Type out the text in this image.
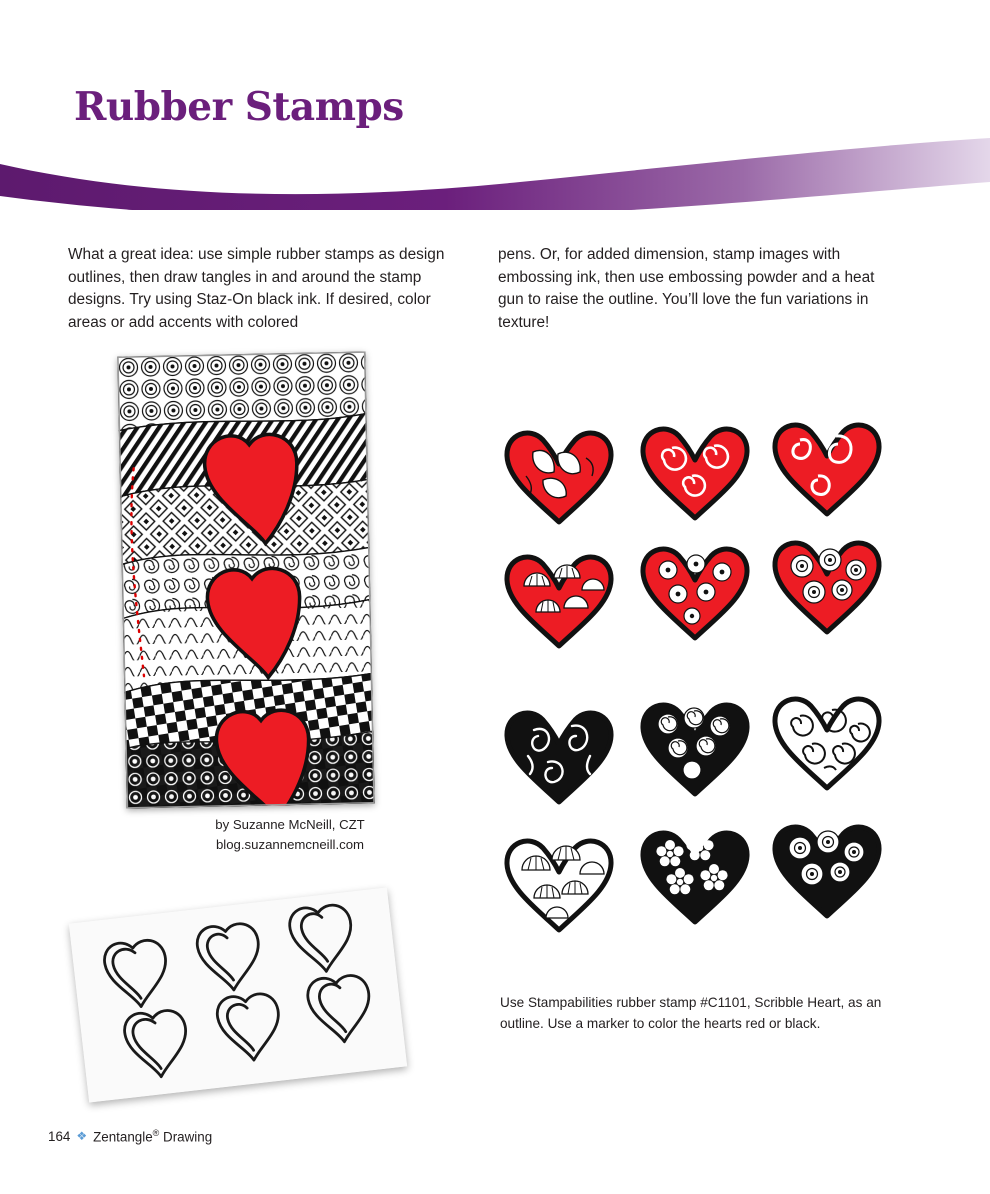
Rubber Stamps
What a great idea: use simple rubber stamps as design outlines, then draw tangles in and around the stamp designs. Try using Staz-On black ink. If desired, color areas or add accents with colored
pens. Or, for added dimension, stamp images with embossing ink, then use embossing powder and a heat gun to raise the outline. You’ll love the fun variations in texture!
by Suzanne McNeill, CZT
blog.suzannemcneill.com
Use Stampabilities rubber stamp #C1101, Scribble Heart, as an outline. Use a marker to color the hearts red or black.
164 ❖ Zentangle® Drawing
